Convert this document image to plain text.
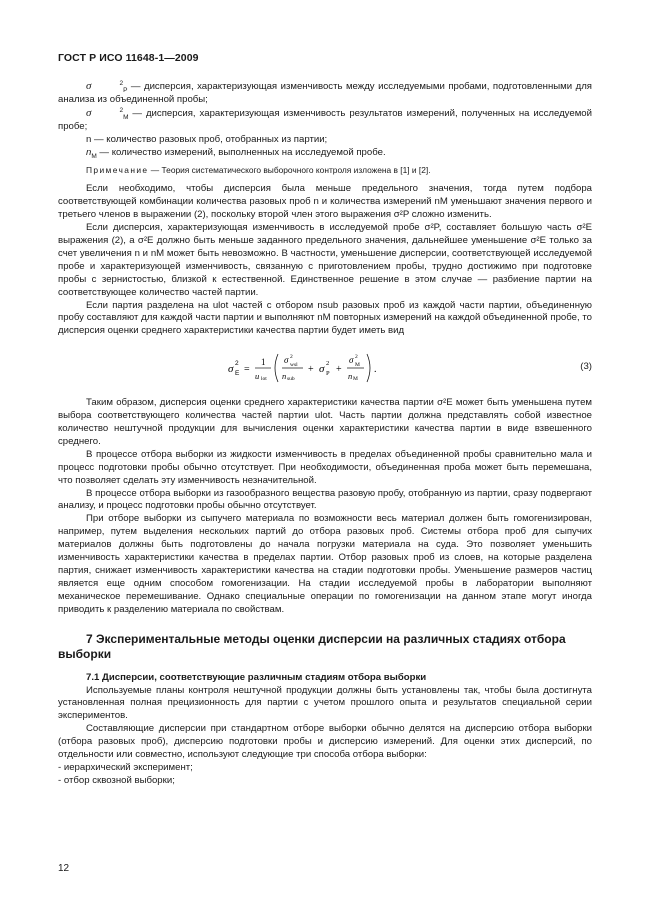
ГОСТ Р ИСО 11648-1—2009

σ	$^2_P$ — дисперсия, характеризующая изменчивость между исследуемыми пробами, подготовленными для анализа из объединенной пробы;

σ	$^2_M$ — дисперсия, характеризующая изменчивость результатов измерений, полученных на исследуемой пробе;

n — количество разовых проб, отобранных из партии;

$n_M$ — количество измерений, выполненных на исследуемой пробе.

Примечание — Теория систематического выборочного контроля изложена в [1] и [2].

Если необходимо, чтобы дисперсия была меньше предельного значения, тогда путем подбора соответствующей комбинации количества разовых проб n и количества измерений nM уменьшают значения первого и третьего членов в выражении (2), поскольку второй член этого выражения σ²P сложно изменить.

Если дисперсия, характеризующая изменчивость в исследуемой пробе σ²P, составляет большую часть σ²E выражения (2), а σ²E должно быть меньше заданного предельного значения, дальнейшее уменьшение σ²E только за счет увеличения n и nM может быть невозможно. В частности, уменьшение дисперсии, соответствующей исследуемой пробе и характеризующей изменчивость, связанную с приготовлением пробы, трудно достижимо при подготовке пробы с зернистостью, близкой к естественной. Единственное решение в этом случае — разбиение партии на соответствующее количество частей партии.

Если партия разделена на ulot частей с отбором nsub разовых проб из каждой части партии, объединенную пробу составляют для каждой части партии и выполняют nM повторных измерений на каждой объединенной пробе, то дисперсия оценки среднего характеристики качества партии будет иметь вид

σ 2
E =
1
u lot
σ 2
wsl
n sub
+ σ 2
P +
σ 2
M
n M
.	(3)

Таким образом, дисперсия оценки среднего характеристики качества партии σ²E может быть уменьшена путем выбора соответствующего количества частей партии ulot. Часть партии должна представлять собой известное количество нештучной продукции для вычисления оценки характеристики качества партии в виде взвешенного среднего.

В процессе отбора выборки из жидкости изменчивость в пределах объединенной пробы сравнительно мала и процесс подготовки пробы обычно отсутствует. При необходимости, объединенная проба может быть перемешана, что позволяет сделать эту изменчивость незначительной.

В процессе отбора выборки из газообразного вещества разовую пробу, отобранную из партии, сразу подвергают анализу, и процесс подготовки пробы обычно отсутствует.

При отборе выборки из сыпучего материала по возможности весь материал должен быть гомогенизирован, например, путем выделения нескольких партий до отбора разовых проб. Системы отбора проб для сыпучих материалов должны быть подготовлены до начала погрузки материала на суда. Это позволяет уменьшить изменчивость характеристики качества в пределах партии. Отбор разовых проб из слоев, на которые разделена партия, снижает изменчивость характеристики качества на стадии подготовки пробы. Уменьшение размеров частиц является еще одним способом гомогенизации. На стадии исследуемой пробы в лаборатории выполняют механическое перемешивание. Однако специальные операции по гомогенизации на данном этапе могут иногда приводить к разделению материала по свойствам.

7 Экспериментальные методы оценки дисперсии на различных стадиях отбора выборки

7.1 Дисперсии, соответствующие различным стадиям отбора выборки

Используемые планы контроля нештучной продукции должны быть установлены так, чтобы была достигнута установленная полная прецизионность для партии с учетом прошлого опыта и результатов специальной серии экспериментов.

Составляющие дисперсии при стандартном отборе выборки обычно делятся на дисперсию отбора выборки (отбора разовых проб), дисперсию подготовки пробы и дисперсию измерений. Для оценки этих дисперсий, по отдельности или совместно, используют следующие три способа отбора выборки:

- иерархический эксперимент;

- отбор сквозной выборки;

12
